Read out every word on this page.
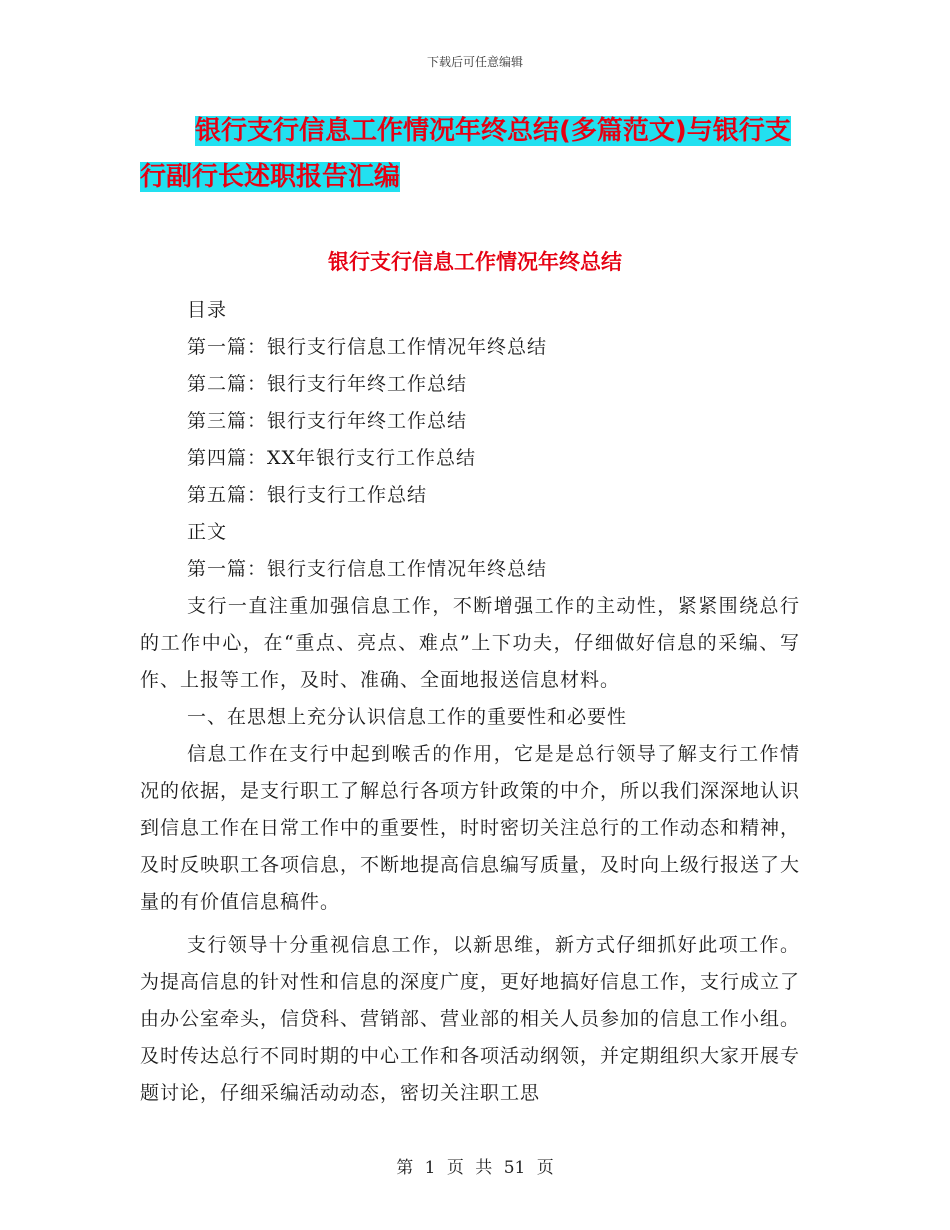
下载后可任意编辑
银行支行信息工作情况年终总结(多篇范文)与银行支
行副行长述职报告汇编
银行支行信息工作情况年终总结

目录

第一篇：银行支行信息工作情况年终总结

第二篇：银行支行年终工作总结

第三篇：银行支行年终工作总结

第四篇：XX年银行支行工作总结

第五篇：银行支行工作总结

正文

第一篇：银行支行信息工作情况年终总结

支行一直注重加强信息工作，不断增强工作的主动性，紧紧围绕总行的工作中心，在“重点、亮点、难点”上下功夫，仔细做好信息的采编、写作、上报等工作，及时、准确、全面地报送信息材料。

一、在思想上充分认识信息工作的重要性和必要性

信息工作在支行中起到喉舌的作用，它是是总行领导了解支行工作情况的依据，是支行职工了解总行各项方针政策的中介，所以我们深深地认识到信息工作在日常工作中的重要性，时时密切关注总行的工作动态和精神，及时反映职工各项信息，不断地提高信息编写质量，及时向上级行报送了大量的有价值信息稿件。

支行领导十分重视信息工作，以新思维，新方式仔细抓好此项工作。为提高信息的针对性和信息的深度广度，更好地搞好信息工作，支行成立了由办公室牵头，信贷科、营销部、营业部的相关人员参加的信息工作小组。及时传达总行不同时期的中心工作和各项活动纲领，并定期组织大家开展专题讨论，仔细采编活动动态，密切关注职工思

第 1 页 共 51 页
